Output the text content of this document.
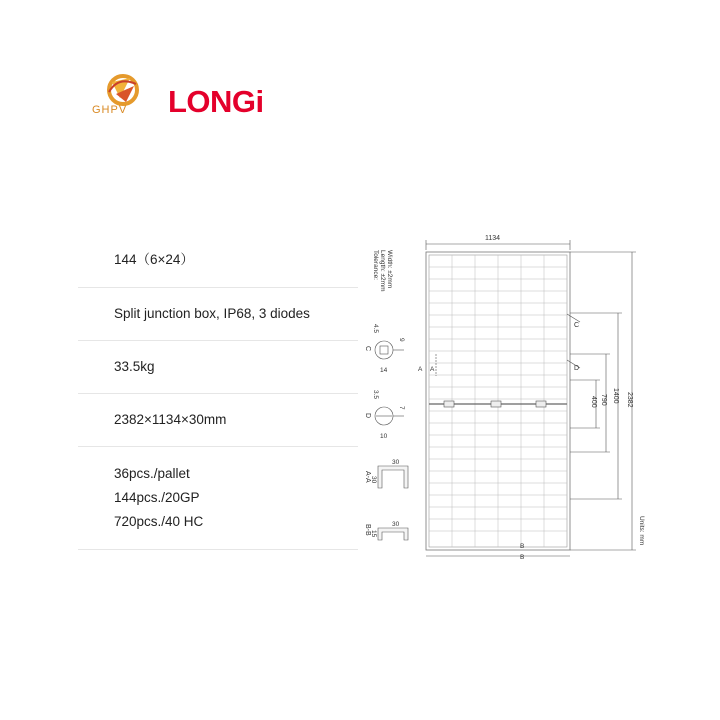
GHPV LONGi
144（6×24）
Split junction box, IP68, 3 diodes
33.5kg
2382×1134×30mm
36pcs./pallet
144pcs./20GP
720pcs./40 HC
1134
Tolerance: Length: ±2mm Width: ±2mm
A A
C
D
2382
1400
790
400
B
B
Units: mm
C
4.5
9
14
D
3.5
7
10
A-A
30
30
B-B	30
15
